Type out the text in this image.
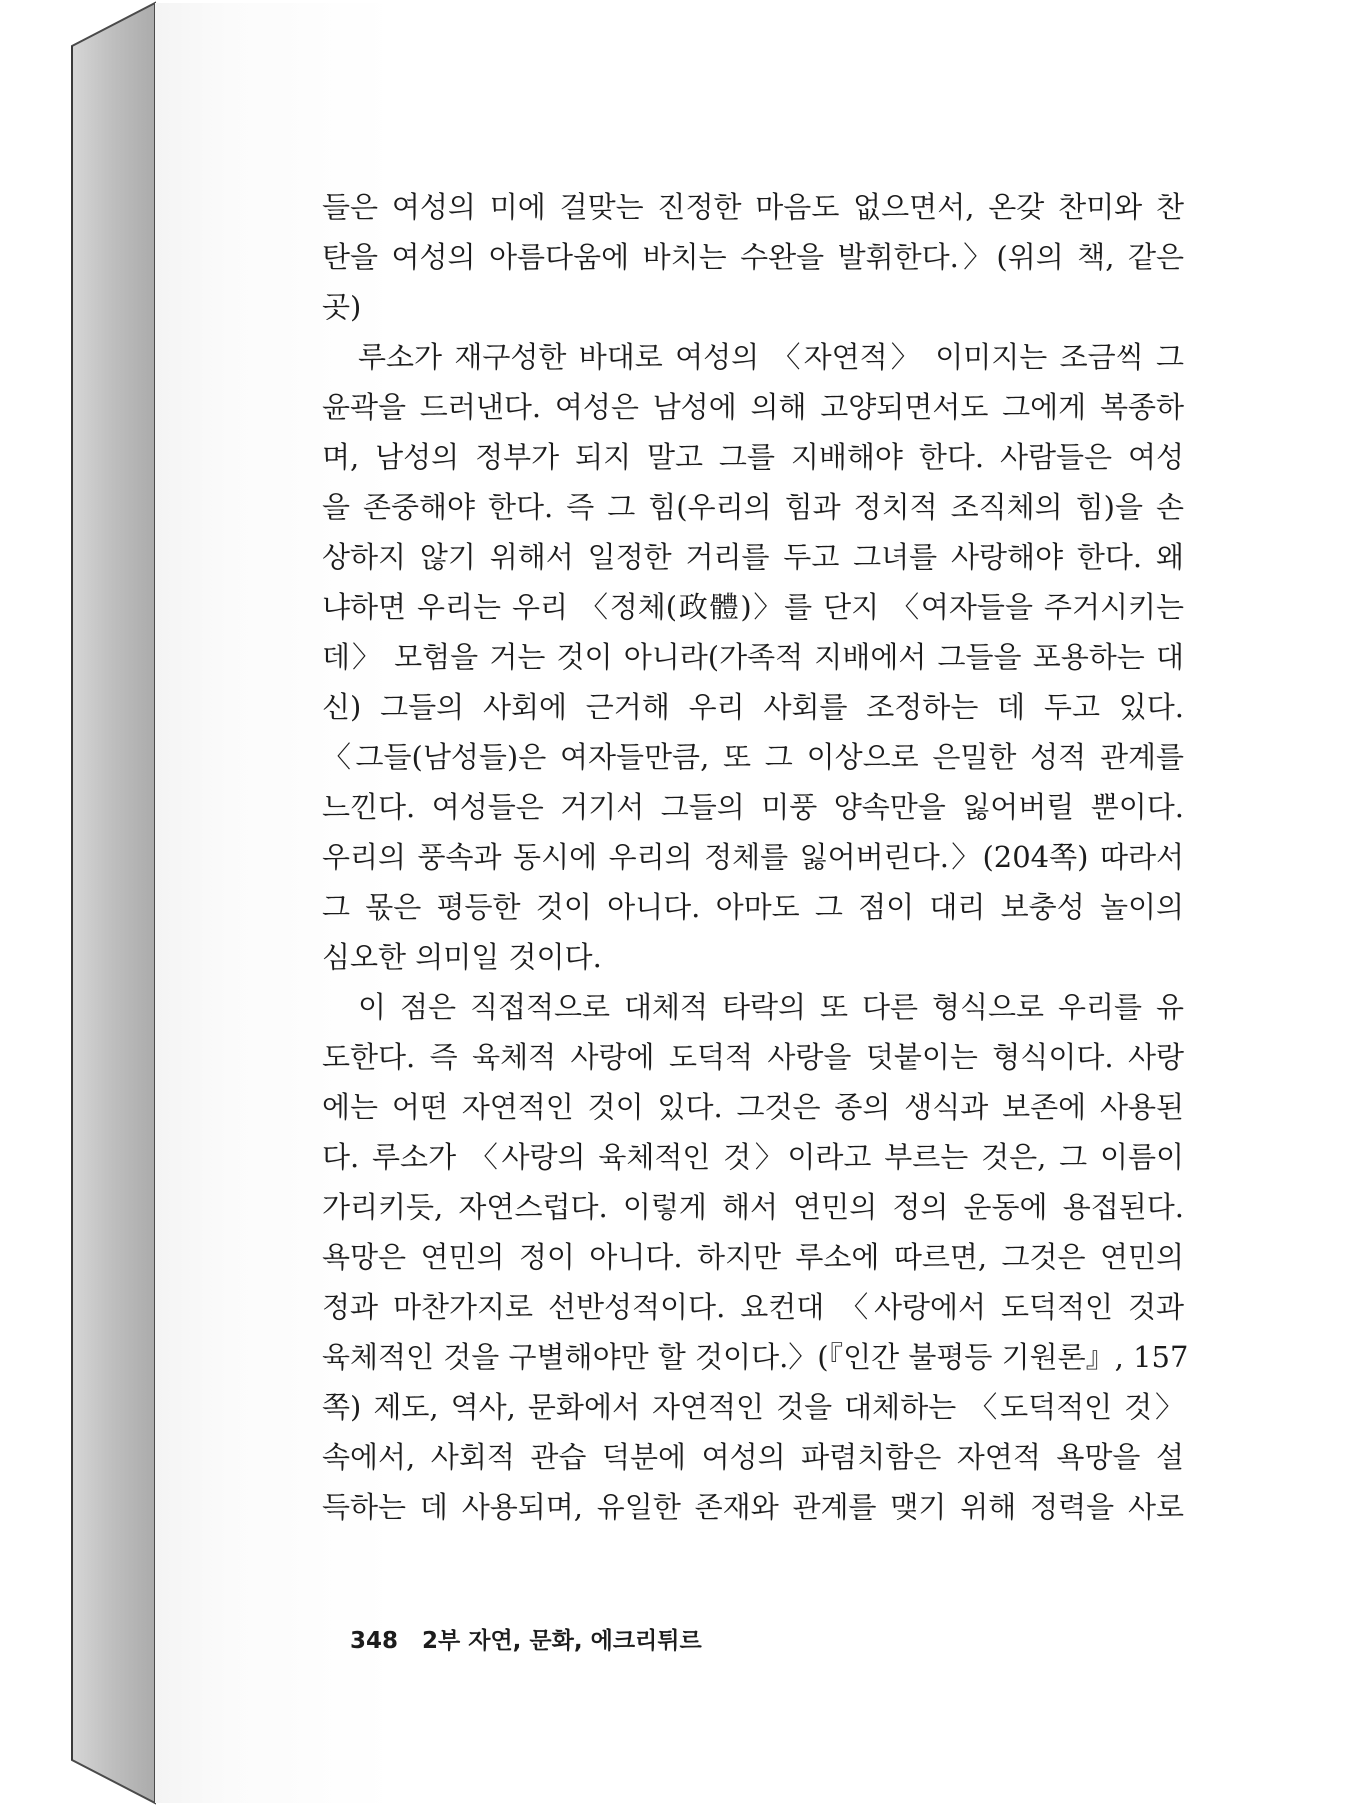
들은 여성의 미에 걸맞는 진정한 마음도 없으면서, 온갖 찬미와 찬
탄을 여성의 아름다움에 바치는 수완을 발휘한다.〉(위의 책, 같은
곳)
루소가 재구성한 바대로 여성의 〈자연적〉 이미지는 조금씩 그
윤곽을 드러낸다. 여성은 남성에 의해 고양되면서도 그에게 복종하
며, 남성의 정부가 되지 말고 그를 지배해야 한다. 사람들은 여성
을 존중해야 한다. 즉 그 힘(우리의 힘과 정치적 조직체의 힘)을 손
상하지 않기 위해서 일정한 거리를 두고 그녀를 사랑해야 한다. 왜
냐하면 우리는 우리 〈정체(政體)〉를 단지 〈여자들을 주거시키는
데〉 모험을 거는 것이 아니라(가족적 지배에서 그들을 포용하는 대
신) 그들의 사회에 근거해 우리 사회를 조정하는 데 두고 있다.
〈그들(남성들)은 여자들만큼, 또 그 이상으로 은밀한 성적 관계를
느낀다. 여성들은 거기서 그들의 미풍 양속만을 잃어버릴 뿐이다.
우리의 풍속과 동시에 우리의 정체를 잃어버린다.〉(204쪽) 따라서
그 몫은 평등한 것이 아니다. 아마도 그 점이 대리 보충성 놀이의
심오한 의미일 것이다.
이 점은 직접적으로 대체적 타락의 또 다른 형식으로 우리를 유
도한다. 즉 육체적 사랑에 도덕적 사랑을 덧붙이는 형식이다. 사랑
에는 어떤 자연적인 것이 있다. 그것은 종의 생식과 보존에 사용된
다. 루소가 〈사랑의 육체적인 것〉이라고 부르는 것은, 그 이름이
가리키듯, 자연스럽다. 이렇게 해서 연민의 정의 운동에 용접된다.
욕망은 연민의 정이 아니다. 하지만 루소에 따르면, 그것은 연민의
정과 마찬가지로 선반성적이다. 요컨대 〈사랑에서 도덕적인 것과
육체적인 것을 구별해야만 할 것이다.〉(『인간 불평등 기원론』, 157
쪽) 제도, 역사, 문화에서 자연적인 것을 대체하는 〈도덕적인 것〉
속에서, 사회적 관습 덕분에 여성의 파렴치함은 자연적 욕망을 설
득하는 데 사용되며, 유일한 존재와 관계를 맺기 위해 정력을 사로
348 2부 자연, 문화, 에크리튀르
